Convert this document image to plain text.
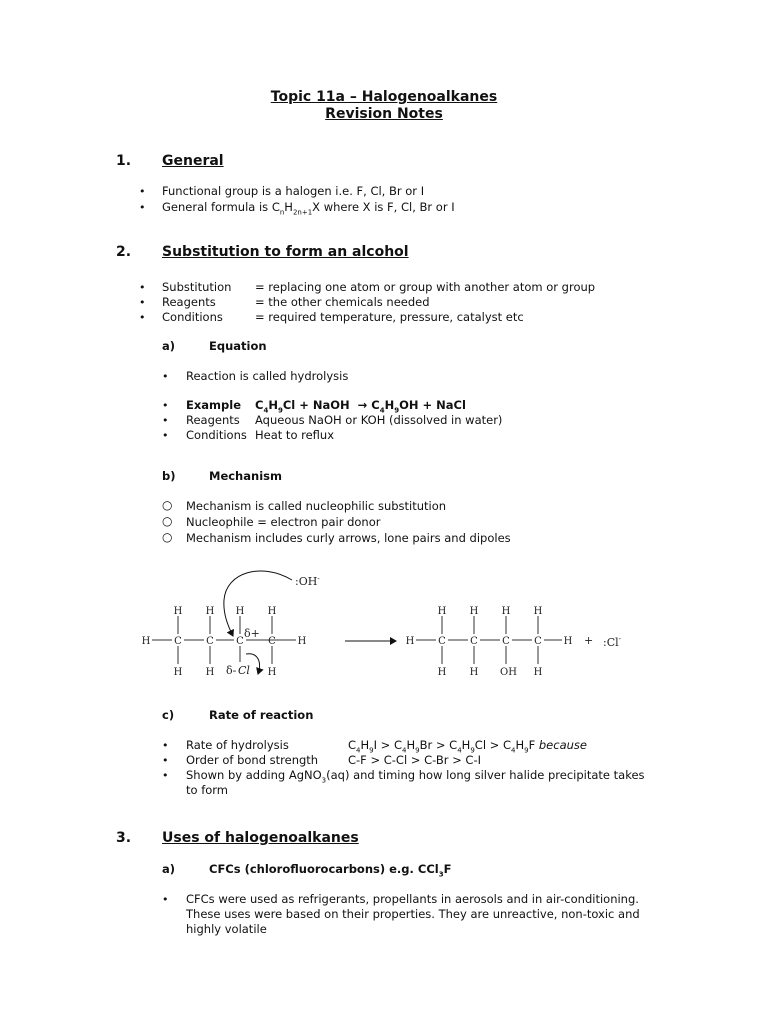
Topic 11a – Halogenoalkanes
Revision Notes
1. General
• Functional group is a halogen i.e. F, Cl, Br or I
• General formula is $C_nH_{2n+1}X$ where X is F, Cl, Br or I
2. Substitution to form an alcohol
• Substitution = replacing one atom or group with another atom or group
• Reagents	= the other chemicals needed
• Conditions	= required temperature, pressure, catalyst etc
a)	Equation
• Reaction is called hydrolysis
• Example $C_4H_9Cl$ + NaOH  → $C_4H_9OH$ + NaCl
• Reagents Aqueous NaOH or KOH (dissolved in water)
• Conditions Heat to reflux
b)	Mechanism
○ Mechanism is called nucleophilic substitution
○ Nucleophile = electron pair donor
○ Mechanism includes curly arrows, lone pairs and dipoles
H C C C	H
H H H H
C
H H	H
H C C C C H
H H H H
H H	H
:OH-
δ+
δ- Cl	OH
+ :Cl-
c)	Rate of reaction
• Rate of hydrolysis	$C_4H_9I > C_4H_9Br > C_4H_9Cl > C_4H_9F$ because
• Order of bond strength	C-F > C-Cl > C-Br > C-I
• Shown by adding AgNO$_3$(aq) and timing how long silver halide precipitate takes
to form
3. Uses of halogenoalkanes
a)	CFCs (chlorofluorocarbons) e.g. CCl$_3$F
• CFCs were used as refrigerants, propellants in aerosols and in air-conditioning.
These uses were based on their properties. They are unreactive, non-toxic and
highly volatile
